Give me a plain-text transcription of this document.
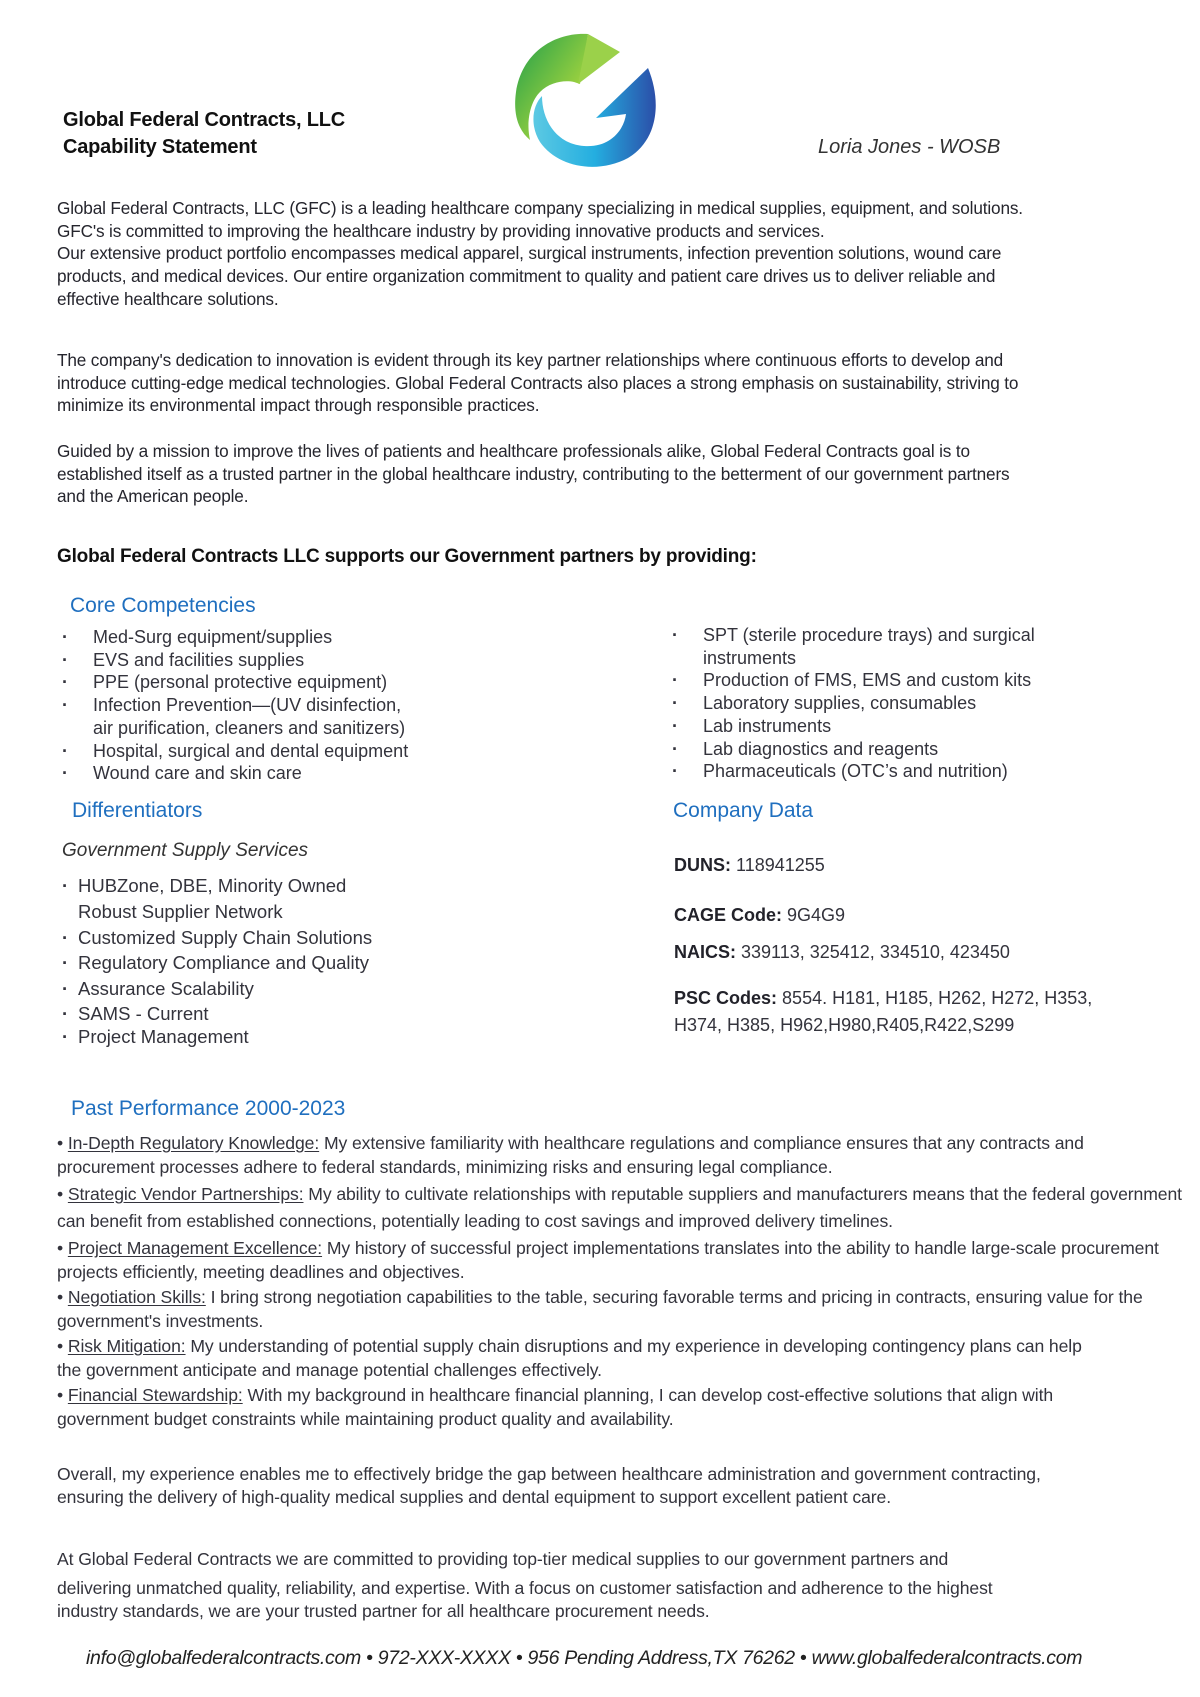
Global Federal Contracts, LLC
Capability Statement	Loria Jones - WOSB
Global Federal Contracts, LLC (GFC) is a leading healthcare company specializing in medical supplies, equipment, and solutions.
GFC's is committed to improving the healthcare industry by providing innovative products and services.
Our extensive product portfolio encompasses medical apparel, surgical instruments, infection prevention solutions, wound care
products, and medical devices. Our entire organization commitment to quality and patient care drives us to deliver reliable and
effective healthcare solutions.
The company's dedication to innovation is evident through its key partner relationships where continuous efforts to develop and
introduce cutting-edge medical technologies. Global Federal Contracts also places a strong emphasis on sustainability, striving to
minimize its environmental impact through responsible practices.
Guided by a mission to improve the lives of patients and healthcare professionals alike, Global Federal Contracts goal is to
established itself as a trusted partner in the global healthcare industry, contributing to the betterment of our government partners
and the American people.
Global Federal Contracts LLC supports our Government partners by providing:
Core Competencies
· Med-Surg equipment/supplies
· EVS and facilities supplies
· PPE (personal protective equipment)
· Infection Prevention—(UV disinfection, air purification, cleaners and sanitizers)
· Hospital, surgical and dental equipment
· Wound care and skin care
· SPT (sterile procedure trays) and surgical instruments
· Production of FMS, EMS and custom kits
· Laboratory supplies, consumables
· Lab instruments
· Lab diagnostics and reagents
· Pharmaceuticals (OTC’s and nutrition)
Differentiators
Government Supply Services
· HUBZone, DBE, Minority Owned
Robust Supplier Network
· Customized Supply Chain Solutions
· Regulatory Compliance and Quality
· Assurance Scalability
· SAMS - Current
· Project Management
Company Data
DUNS: 118941255
CAGE Code: 9G4G9
NAICS: 339113, 325412, 334510, 423450
PSC Codes: 8554. H181, H185, H262, H272, H353,
H374, H385, H962,H980,R405,R422,S299
Past Performance 2000-2023
• In-Depth Regulatory Knowledge: My extensive familiarity with healthcare regulations and compliance ensures that any contracts and procurement processes adhere to federal standards, minimizing risks and ensuring legal compliance.
• Strategic Vendor Partnerships: My ability to cultivate relationships with reputable suppliers and manufacturers means that the federal government can benefit from established connections, potentially leading to cost savings and improved delivery timelines.
• Project Management Excellence: My history of successful project implementations translates into the ability to handle large-scale procurement projects efficiently, meeting deadlines and objectives.
• Negotiation Skills: I bring strong negotiation capabilities to the table, securing favorable terms and pricing in contracts, ensuring value for the government's investments.
• Risk Mitigation: My understanding of potential supply chain disruptions and my experience in developing contingency plans can help the government anticipate and manage potential challenges effectively.
• Financial Stewardship: With my background in healthcare financial planning, I can develop cost-effective solutions that align with government budget constraints while maintaining product quality and availability.
Overall, my experience enables me to effectively bridge the gap between healthcare administration and government contracting,
ensuring the delivery of high-quality medical supplies and dental equipment to support excellent patient care.
At Global Federal Contracts we are committed to providing top-tier medical supplies to our government partners and
delivering unmatched quality, reliability, and expertise. With a focus on customer satisfaction and adherence to the highest
industry standards, we are your trusted partner for all healthcare procurement needs.
info@globalfederalcontracts.com • 972-XXX-XXXX • 956 Pending Address,TX 76262 • www.globalfederalcontracts.com
